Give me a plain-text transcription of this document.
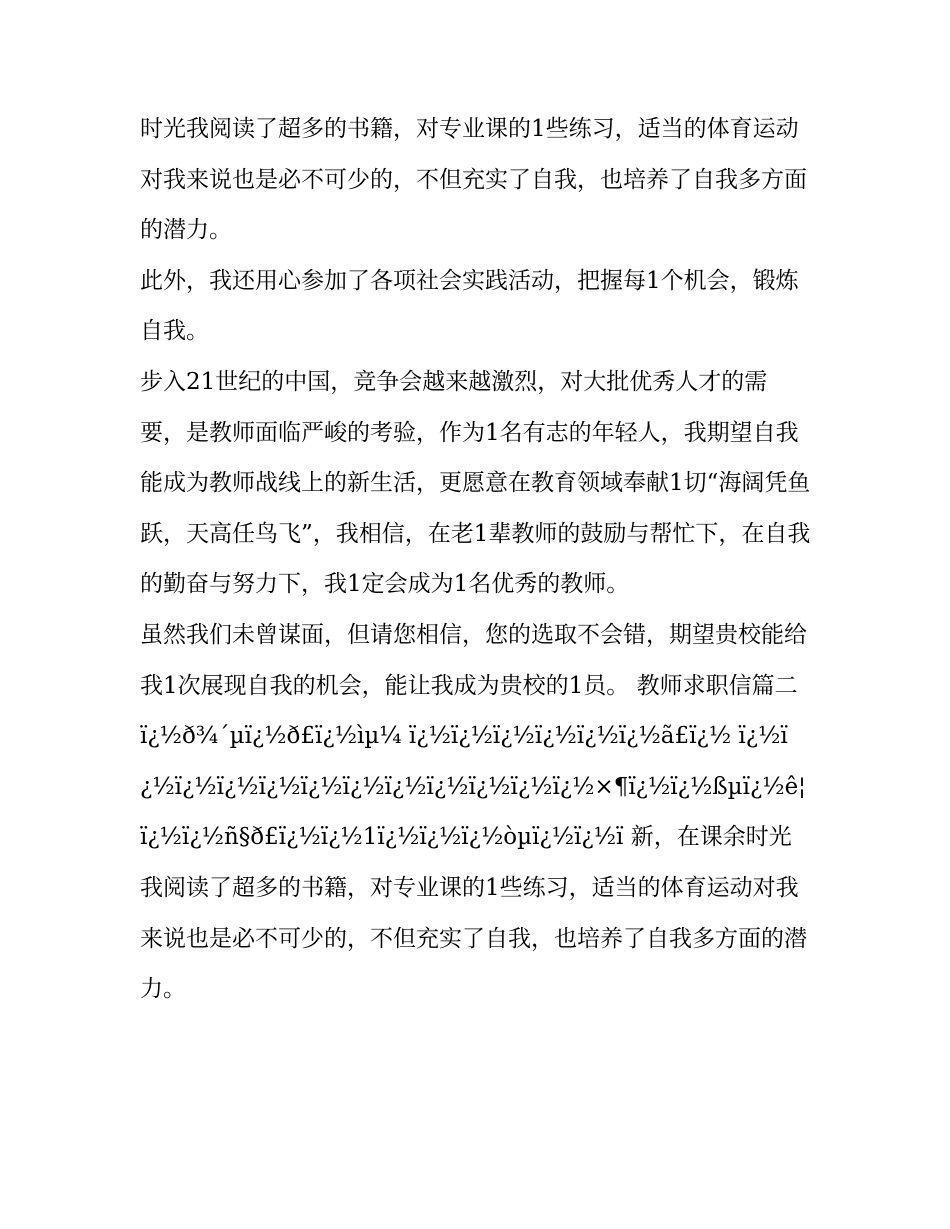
时光我阅读了超多的书籍，对专业课的1些练习，适当的体育运动对我来说也是必不可少的，不但充实了自我，也培养了自我多方面的潜力。

此外，我还用心参加了各项社会实践活动，把握每1个机会，锻炼自我。

步入21世纪的中国，竞争会越来越激烈，对大批优秀人才的需要，是教师面临严峻的考验，作为1名有志的年轻人，我期望自我能成为教师战线上的新生活，更愿意在教育领域奉献1切“海阔凭鱼跃，天高任鸟飞”，我相信，在老1辈教师的鼓励与帮忙下，在自我的勤奋与努力下，我1定会成为1名优秀的教师。

虽然我们未曾谋面，但请您相信，您的选取不会错，期望贵校能给我1次展现自我的机会，能让我成为贵校的1员。 教师求职信篇二 ï¿½ð¾´µï¿½ð£ï¿½ìµ¼ ï¿½ï¿½ï¿½ï¿½ï¿½ï¿½ã£ï¿½ ï¿½ï¿½ï¿½ï¿½ï¿½ï¿½ï¿½ï¿½ï¿½ï¿½ï¿½ï¿½×¶ï¿½ï¿½ßµï¿½ê¦ï¿½ï¿½ñ§ð£ï¿½ï¿½1ï¿½ï¿½ï¿½òµï¿½ï¿½ï 新，在课余时光我阅读了超多的书籍，对专业课的1些练习，适当的体育运动对我来说也是必不可少的，不但充实了自我，也培养了自我多方面的潜力。
